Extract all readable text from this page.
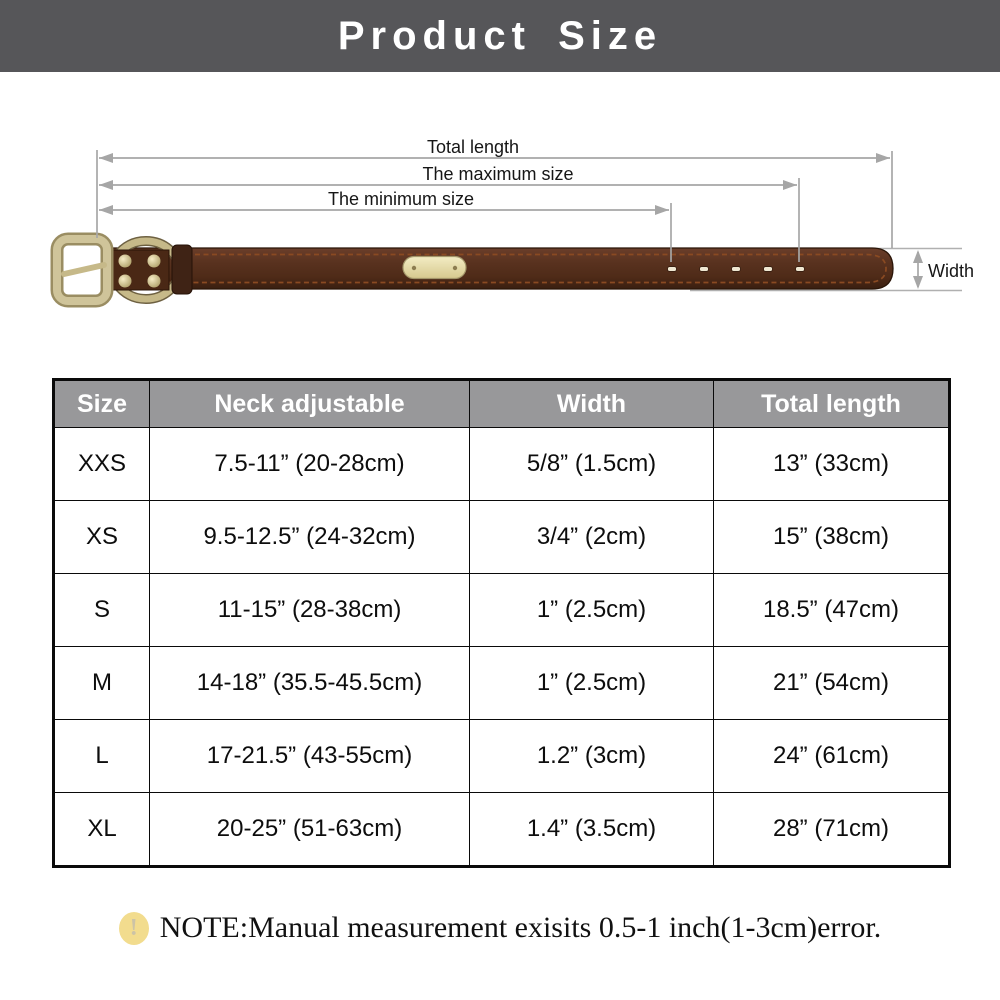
Product Size
Total length
The maximum size
The minimum size
Width
Size	Neck adjustable	Width	Total length
XXS	7.5-11” (20-28cm)	5/8” (1.5cm)	13” (33cm)
XS	9.5-12.5” (24-32cm)	3/4” (2cm)	15” (38cm)
S	11-15” (28-38cm)	1” (2.5cm)	18.5” (47cm)
M	14-18” (35.5-45.5cm)	1” (2.5cm)	21” (54cm)
L	17-21.5” (43-55cm)	1.2” (3cm)	24” (61cm)
XL	20-25” (51-63cm)	1.4” (3.5cm)	28” (71cm)
! NOTE:Manual measurement exisits 0.5-1 inch(1-3cm)error.
